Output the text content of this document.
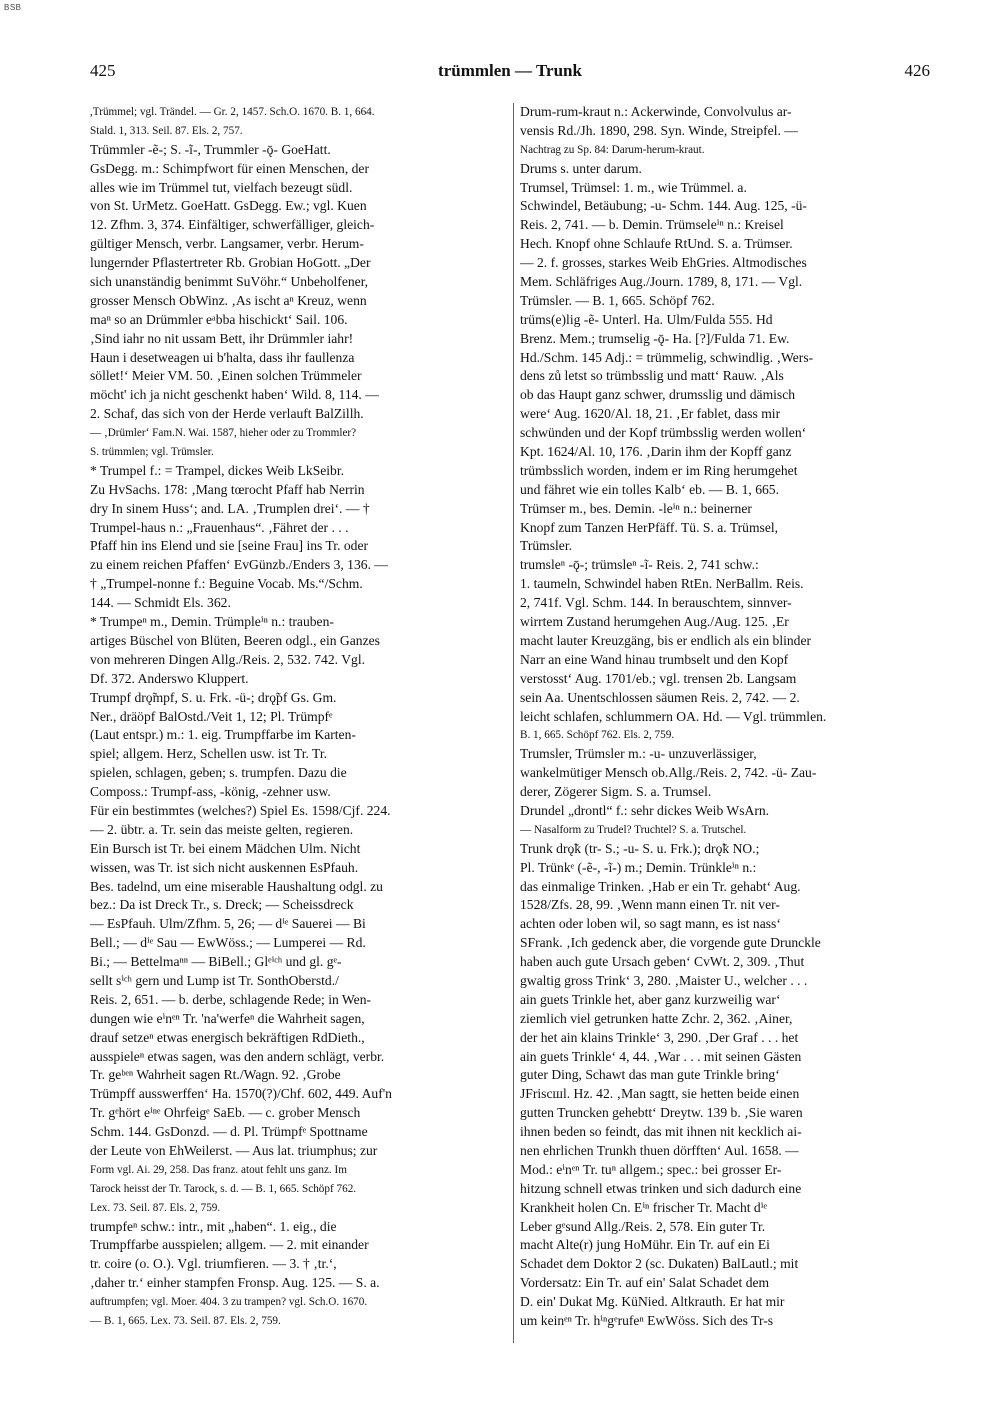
BSB
425	trümmlen — Trunk	426
,Trümmel; vgl. Trändel. — Gr. 2, 1457. Sch.O. 1670. B. 1, 664.
Stald. 1, 313. Seil. 87. Els. 2, 757.
Trümmler -ẽ-; S. -ĩ-, Trummler -ǭ- GoeHatt.
GsDegg. m.: Schimpfwort für einen Menschen, der
alles wie im Trümmel tut, vielfach bezeugt südl.
von St. UrMetz. GoeHatt. GsDegg. Ew.; vgl. Kuen
12. Zfhm. 3, 374. Einfältiger, schwerfälliger, gleich-
gültiger Mensch, verbr. Langsamer, verbr. Herum-
lungernder Pflastertreter Rb. Grobian HoGott. „Der
sich unanständig benimmt SuVöhr.“ Unbeholfener,
grosser Mensch ObWinz. ‚As ischt aⁿ Kreuz, wenn
maⁿ so an Drümmler eᵃbba hischickt‘ Sail. 106.
‚Sind iahr no nit ussam Bett, ihr Drümmler iahr!
Haun i desetweagen ui b'halta, dass ihr faullenza
söllet!‘ Meier VM. 50. ‚Einen solchen Trümmeler
möcht' ich ja nicht geschenkt haben‘ Wild. 8, 114. —
2. Schaf, das sich von der Herde verlauft BalZillh.
— ‚Drümler‘ Fam.N. Wai. 1587, hieher oder zu Trommler?
S. trümmlen; vgl. Trümsler.
* Trumpel f.: = Trampel, dickes Weib LkSeibr.
Zu HvSachs. 178: ‚Mang tœrocht Pfaff hab Nerrin
dry In sinem Huss‘; and. LA. ‚Trumplen drei‘. — †
Trumpel-haus n.: „Frauenhaus“. ‚Fähret der . . .
Pfaff hin ins Elend und sie [seine Frau] ins Tr. oder
zu einem reichen Pfaffen‘ EvGünzb./Enders 3, 136. —
† „Trumpel-nonne f.: Beguine Vocab. Ms.“/Schm.
144. — Schmidt Els. 362.
* Trumpeⁿ m., Demin. Trümpleⁱⁿ n.: trauben-
artiges Büschel von Blüten, Beeren odgl., ein Ganzes
von mehreren Dingen Allg./Reis. 2, 532. 742. Vgl.
Df. 372. Anderswo Kluppert.
Trumpf drǫ̃mpf, S. u. Frk. -ü-; drǫ̃pf Gs. Gm.
Ner., dräöpf BalOstd./Veit 1, 12; Pl. Trümpfᵉ
(Laut entspr.) m.: 1. eig. Trumpffarbe im Karten-
spiel; allgem. Herz, Schellen usw. ist Tr. Tr.
spielen, schlagen, geben; s. trumpfen. Dazu die
Composs.: Trumpf-ass, -könig, -zehner usw.
Für ein bestimmtes (welches?) Spiel Es. 1598/Cjf. 224.
— 2. übtr. a. Tr. sein das meiste gelten, regieren.
Ein Bursch ist Tr. bei einem Mädchen Ulm. Nicht
wissen, was Tr. ist sich nicht auskennen EsPfauh.
Bes. tadelnd, um eine miserable Haushaltung odgl. zu
bez.: Da ist Dreck Tr., s. Dreck; — Scheissdreck
— EsPfauh. Ulm/Zfhm. 5, 26; — dⁱᵉ Sauerei — Bi
Bell.; — dⁱᵉ Sau — EwWöss.; — Lumperei — Rd.
Bi.; — Bettelmaⁿⁿ — BiBell.; Glᵉⁱᶜʰ und gl. gᵉ-
sellt sⁱᶜʰ gern und Lump ist Tr. SonthOberstd./
Reis. 2, 651. — b. derbe, schlagende Rede; in Wen-
dungen wie eⁱnᵉⁿ Tr. 'na'werfeⁿ die Wahrheit sagen,
drauf setzeⁿ etwas energisch bekräftigen RdDieth.,
ausspieleⁿ etwas sagen, was den andern schlägt, verbr.
Tr. geᵇᵉⁿ Wahrheit sagen Rt./Wagn. 92. ‚Grobe
Trümpff ausswerffen‘ Ha. 1570(?)/Chf. 602, 449. Auf'n
Tr. gᵉhört eⁱⁿᵉ Ohrfeigᵉ SaEb. — c. grober Mensch
Schm. 144. GsDonzd. — d. Pl. Trümpfᵉ Spottname
der Leute von EhWeilerst. — Aus lat. triumphus; zur
Form vgl. Ai. 29, 258. Das franz. atout fehlt uns ganz. Im
Tarock heisst der Tr. Tarock, s. d. — B. 1, 665. Schöpf 762.
Lex. 73. Seil. 87. Els. 2, 759.
trumpfeⁿ schw.: intr., mit „haben“. 1. eig., die
Trumpffarbe ausspielen; allgem. — 2. mit einander
tr. coire (o. O.). Vgl. triumfieren. — 3. † ‚tr.‘,
‚daher tr.‘ einher stampfen Fronsp. Aug. 125. — S. a.
auftrumpfen; vgl. Moer. 404. 3 zu trampen? vgl. Sch.O. 1670.
— B. 1, 665. Lex. 73. Seil. 87. Els. 2, 759.
Drum-rum-kraut n.: Ackerwinde, Convolvulus ar-
vensis Rd./Jh. 1890, 298. Syn. Winde, Streipfel. —
Nachtrag zu Sp. 84: Darum-herum-kraut.
Drums s. unter darum.
Trumsel, Trümsel: 1. m., wie Trümmel. a.
Schwindel, Betäubung; -u- Schm. 144. Aug. 125, -ü-
Reis. 2, 741. — b. Demin. Trümseleⁱⁿ n.: Kreisel
Hech. Knopf ohne Schlaufe RtUnd. S. a. Trümser.
— 2. f. grosses, starkes Weib EhGries. Altmodisches
Mem. Schläfriges Aug./Journ. 1789, 8, 171. — Vgl.
Trümsler. — B. 1, 665. Schöpf 762.
trüms(e)lig -ẽ- Unterl. Ha. Ulm/Fulda 555. Hd
Brenz. Mem.; trumselig -ǭ- Ha. [?]/Fulda 71. Ew.
Hd./Schm. 145 Adj.: = trümmelig, schwindlig. ‚Wers-
dens zů letst so trümbsslig und matt‘ Rauw. ‚Als
ob das Haupt ganz schwer, drumsslig und dämisch
were‘ Aug. 1620/Al. 18, 21. ‚Er fablet, dass mir
schwünden und der Kopf trümbsslig werden wollen‘
Kpt. 1624/Al. 10, 176. ‚Darin ihm der Kopff ganz
trümbsslich worden, indem er im Ring herumgehet
und fähret wie ein tolles Kalb‘ eb. — B. 1, 665.
Trümser m., bes. Demin. -leⁱⁿ n.: beinerner
Knopf zum Tanzen HerPfäff. Tü. S. a. Trümsel,
Trümsler.
trumsleⁿ -ǭ-; trümsleⁿ -ĩ- Reis. 2, 741 schw.:
1. taumeln, Schwindel haben RtEn. NerBallm. Reis.
2, 741f. Vgl. Schm. 144. In berauschtem, sinnver-
wirrtem Zustand herumgehen Aug./Aug. 125. ‚Er
macht lauter Kreuzgäng, bis er endlich als ein blinder
Narr an eine Wand hinau trumbselt und den Kopf
verstosst‘ Aug. 1701/eb.; vgl. trensen 2b. Langsam
sein Aa. Unentschlossen säumen Reis. 2, 742. — 2.
leicht schlafen, schlummern OA. Hd. — Vgl. trümmlen.
B. 1, 665. Schöpf 762. Els. 2, 759.
Trumsler, Trümsler m.: -u- unzuverlässiger,
wankelmütiger Mensch ob.Allg./Reis. 2, 742. -ü- Zau-
derer, Zögerer Sigm. S. a. Trumsel.
Drundel „drontl“ f.: sehr dickes Weib WsArn.
— Nasalform zu Trudel? Truchtel? S. a. Trutschel.
Trunk drǫ̃k (tr- S.; -u- S. u. Frk.); drǫ̃k NO.;
Pl. Trünkᵉ (-ẽ-, -ĩ-) m.; Demin. Trünkleⁱⁿ n.:
das einmalige Trinken. ‚Hab er ein Tr. gehabt‘ Aug.
1528/Zfs. 28, 99. ‚Wenn mann einen Tr. nit ver-
achten oder loben wil, so sagt mann, es ist nass‘
SFrank. ‚Ich gedenck aber, die vorgende gute Drunckle
haben auch gute Ursach geben‘ CvWt. 2, 309. ‚Thut
gwaltig gross Trink‘ 3, 280. ‚Maister U., welcher . . .
ain guets Trinkle het, aber ganz kurzweilig war‘
ziemlich viel getrunken hatte Zchr. 2, 362. ‚Ainer,
der het ain klains Trinkle‘ 3, 290. ‚Der Graf . . . het
ain guets Trinkle‘ 4, 44. ‚War . . . mit seinen Gästen
guter Ding, Schawt das man gute Trinkle bring‘
JFriscшl. Hz. 42. ‚Man sagtt, sie hetten beide einen
gutten Truncken gehebtt‘ Dreytw. 139 b. ‚Sie waren
ihnen beden so feindt, das mit ihnen nit kecklich ai-
nen ehrlichen Trunkh thuen dörfften‘ Aul. 1658. —
Mod.: eⁱnᵉⁿ Tr. tuⁿ allgem.; spec.: bei grosser Er-
hitzung schnell etwas trinken und sich dadurch eine
Krankheit holen Cn. Eⁱⁿ frischer Tr. Macht dⁱᵉ
Leber gᵉsund Allg./Reis. 2, 578. Ein guter Tr.
macht Alte(r) jung HoMühr. Ein Tr. auf ein Ei
Schadet dem Doktor 2 (sc. Dukaten) BalLautl.; mit
Vordersatz: Ein Tr. auf ein' Salat Schadet dem
D. ein' Dukat Mg. KüNied. Altkrauth. Er hat mir
um keinᵉⁿ Tr. hⁱⁿgᵉrufeⁿ EwWöss. Sich des Tr-s
